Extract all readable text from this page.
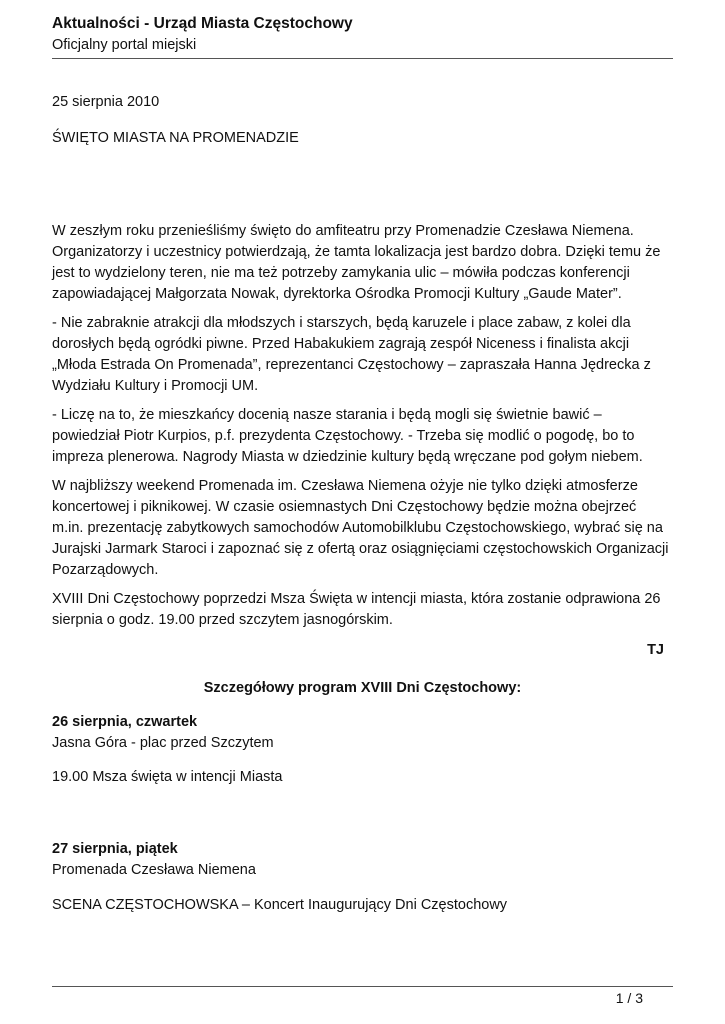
Aktualności - Urząd Miasta Częstochowy
Oficjalny portal miejski
25 sierpnia 2010
ŚWIĘTO MIASTA NA PROMENADZIE
W zeszłym roku przenieśliśmy święto do amfiteatru przy Promenadzie Czesława Niemena.
Organizatorzy i uczestnicy potwierdzają, że tamta lokalizacja jest bardzo dobra. Dzięki temu że
jest to wydzielony teren, nie ma też potrzeby zamykania ulic – mówiła podczas konferencji
zapowiadającej Małgorzata Nowak, dyrektorka Ośrodka Promocji Kultury „Gaude Mater”.
- Nie zabraknie atrakcji dla młodszych i starszych, będą karuzele i place zabaw, z kolei dla
dorosłych będą ogródki piwne. Przed Habakukiem zagrają zespół Niceness i finalista akcji
„Młoda Estrada On Promenada”, reprezentanci Częstochowy – zapraszała Hanna Jędrecka z
Wydziału Kultury i Promocji UM.
- Liczę na to, że mieszkańcy docenią nasze starania i będą mogli się świetnie bawić –
powiedział Piotr Kurpios, p.f. prezydenta Częstochowy. - Trzeba się modlić o pogodę, bo to
impreza plenerowa. Nagrody Miasta w dziedzinie kultury będą wręczane pod gołym niebem.
W najbliższy weekend Promenada im. Czesława Niemena ożyje nie tylko dzięki atmosferze
koncertowej i piknikowej. W czasie osiemnastych Dni Częstochowy będzie można obejrzeć
m.in. prezentację zabytkowych samochodów Automobilklubu Częstochowskiego, wybrać się na
Jurajski Jarmark Staroci i zapoznać się z ofertą oraz osiągnięciami częstochowskich Organizacji
Pozarządowych.
XVIII Dni Częstochowy poprzedzi Msza Święta w intencji miasta, która zostanie odprawiona 26
sierpnia o godz. 19.00 przed szczytem jasnogórskim.
TJ
Szczegółowy program XVIII Dni Częstochowy:
26 sierpnia, czwartek
Jasna Góra - plac przed Szczytem
19.00 Msza święta w intencji Miasta
27 sierpnia, piątek
Promenada Czesława Niemena
SCENA CZĘSTOCHOWSKA – Koncert Inaugurujący Dni Częstochowy
1 / 3
